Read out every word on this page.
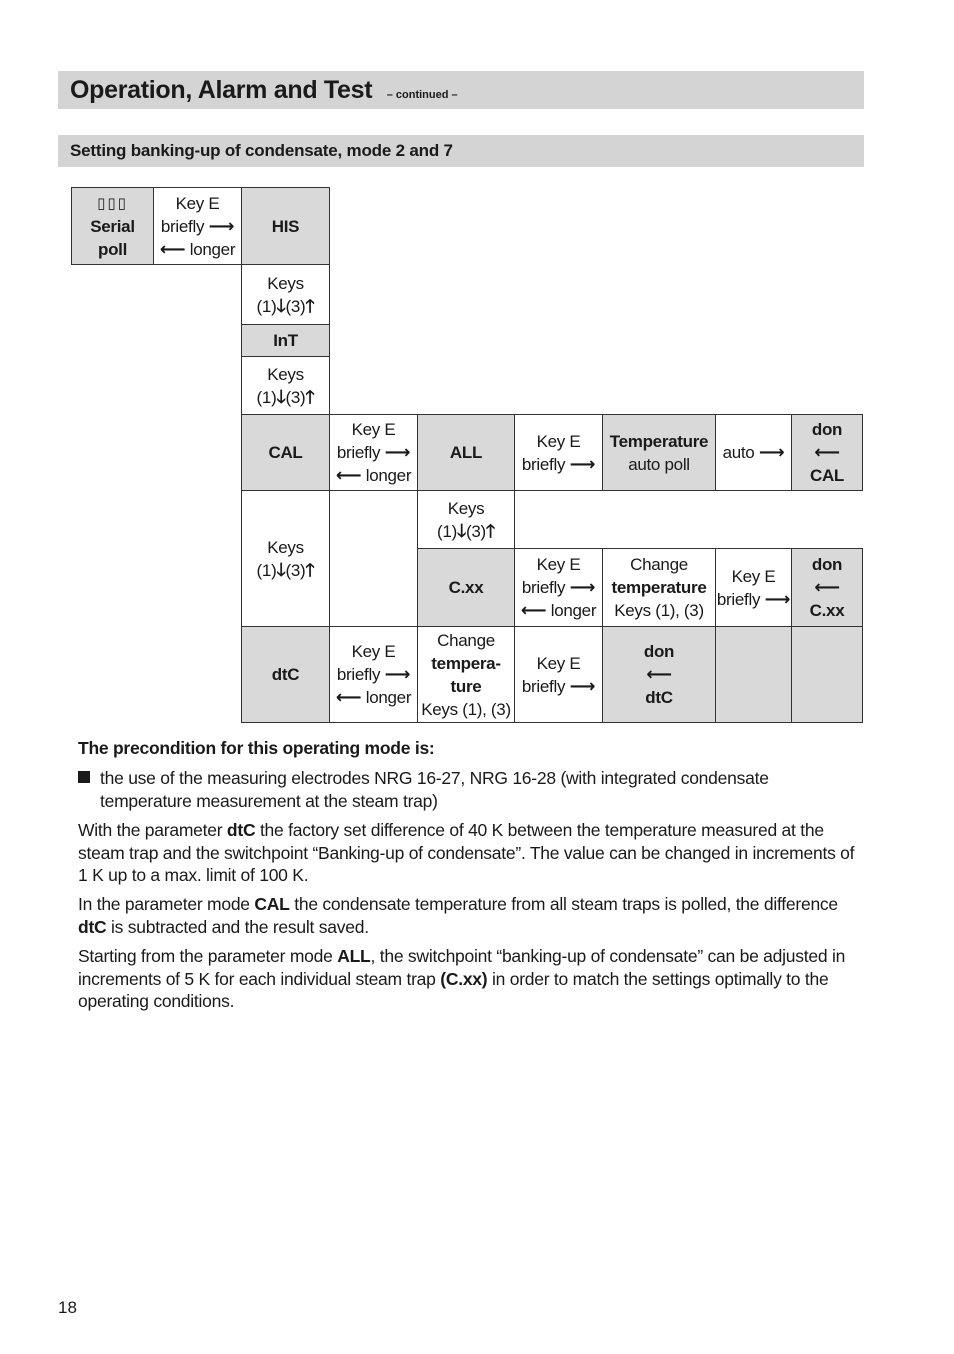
Operation, Alarm and Test – continued –
Setting banking-up of condensate, mode 2 and 7
▯▯▯
Serial
poll
Key E
briefly ⟶
⟵ longer
HIS
Keys
(1)🡓(3)🡑
InT
Keys
(1)🡓(3)🡑
CAL
Key E
briefly ⟶
⟵ longer
ALL
Key E
briefly ⟶
Temperature
auto poll
auto ⟶
don
⟵
CAL
Keys
(1)🡓(3)🡑
Keys
(1)🡓(3)🡑
C.xx
Key E
briefly ⟶
⟵ longer
Change
temperature
Keys (1), (3)
Key E
briefly ⟶
don
⟵
C.xx
dtC
Key E
briefly ⟶
⟵ longer
Change
tempera-
ture
Keys (1), (3)
Key E
briefly ⟶
don
⟵
dtC
The precondition for this operating mode is:
the use of the measuring electrodes NRG 16-27, NRG 16-28 (with integrated condensate temperature measurement at the steam trap)
With the parameter dtC the factory set difference of 40 K between the temperature measured at the steam trap and the switchpoint “Banking-up of condensate”. The value can be changed in increments of 1 K up to a max. limit of 100 K.
In the parameter mode CAL the condensate temperature from all steam traps is polled, the difference dtC is subtracted and the result saved.
Starting from the parameter mode ALL, the switchpoint “banking-up of condensate” can be adjusted in increments of 5 K for each individual steam trap (C.xx) in order to match the settings optimally to the operating conditions.
18
